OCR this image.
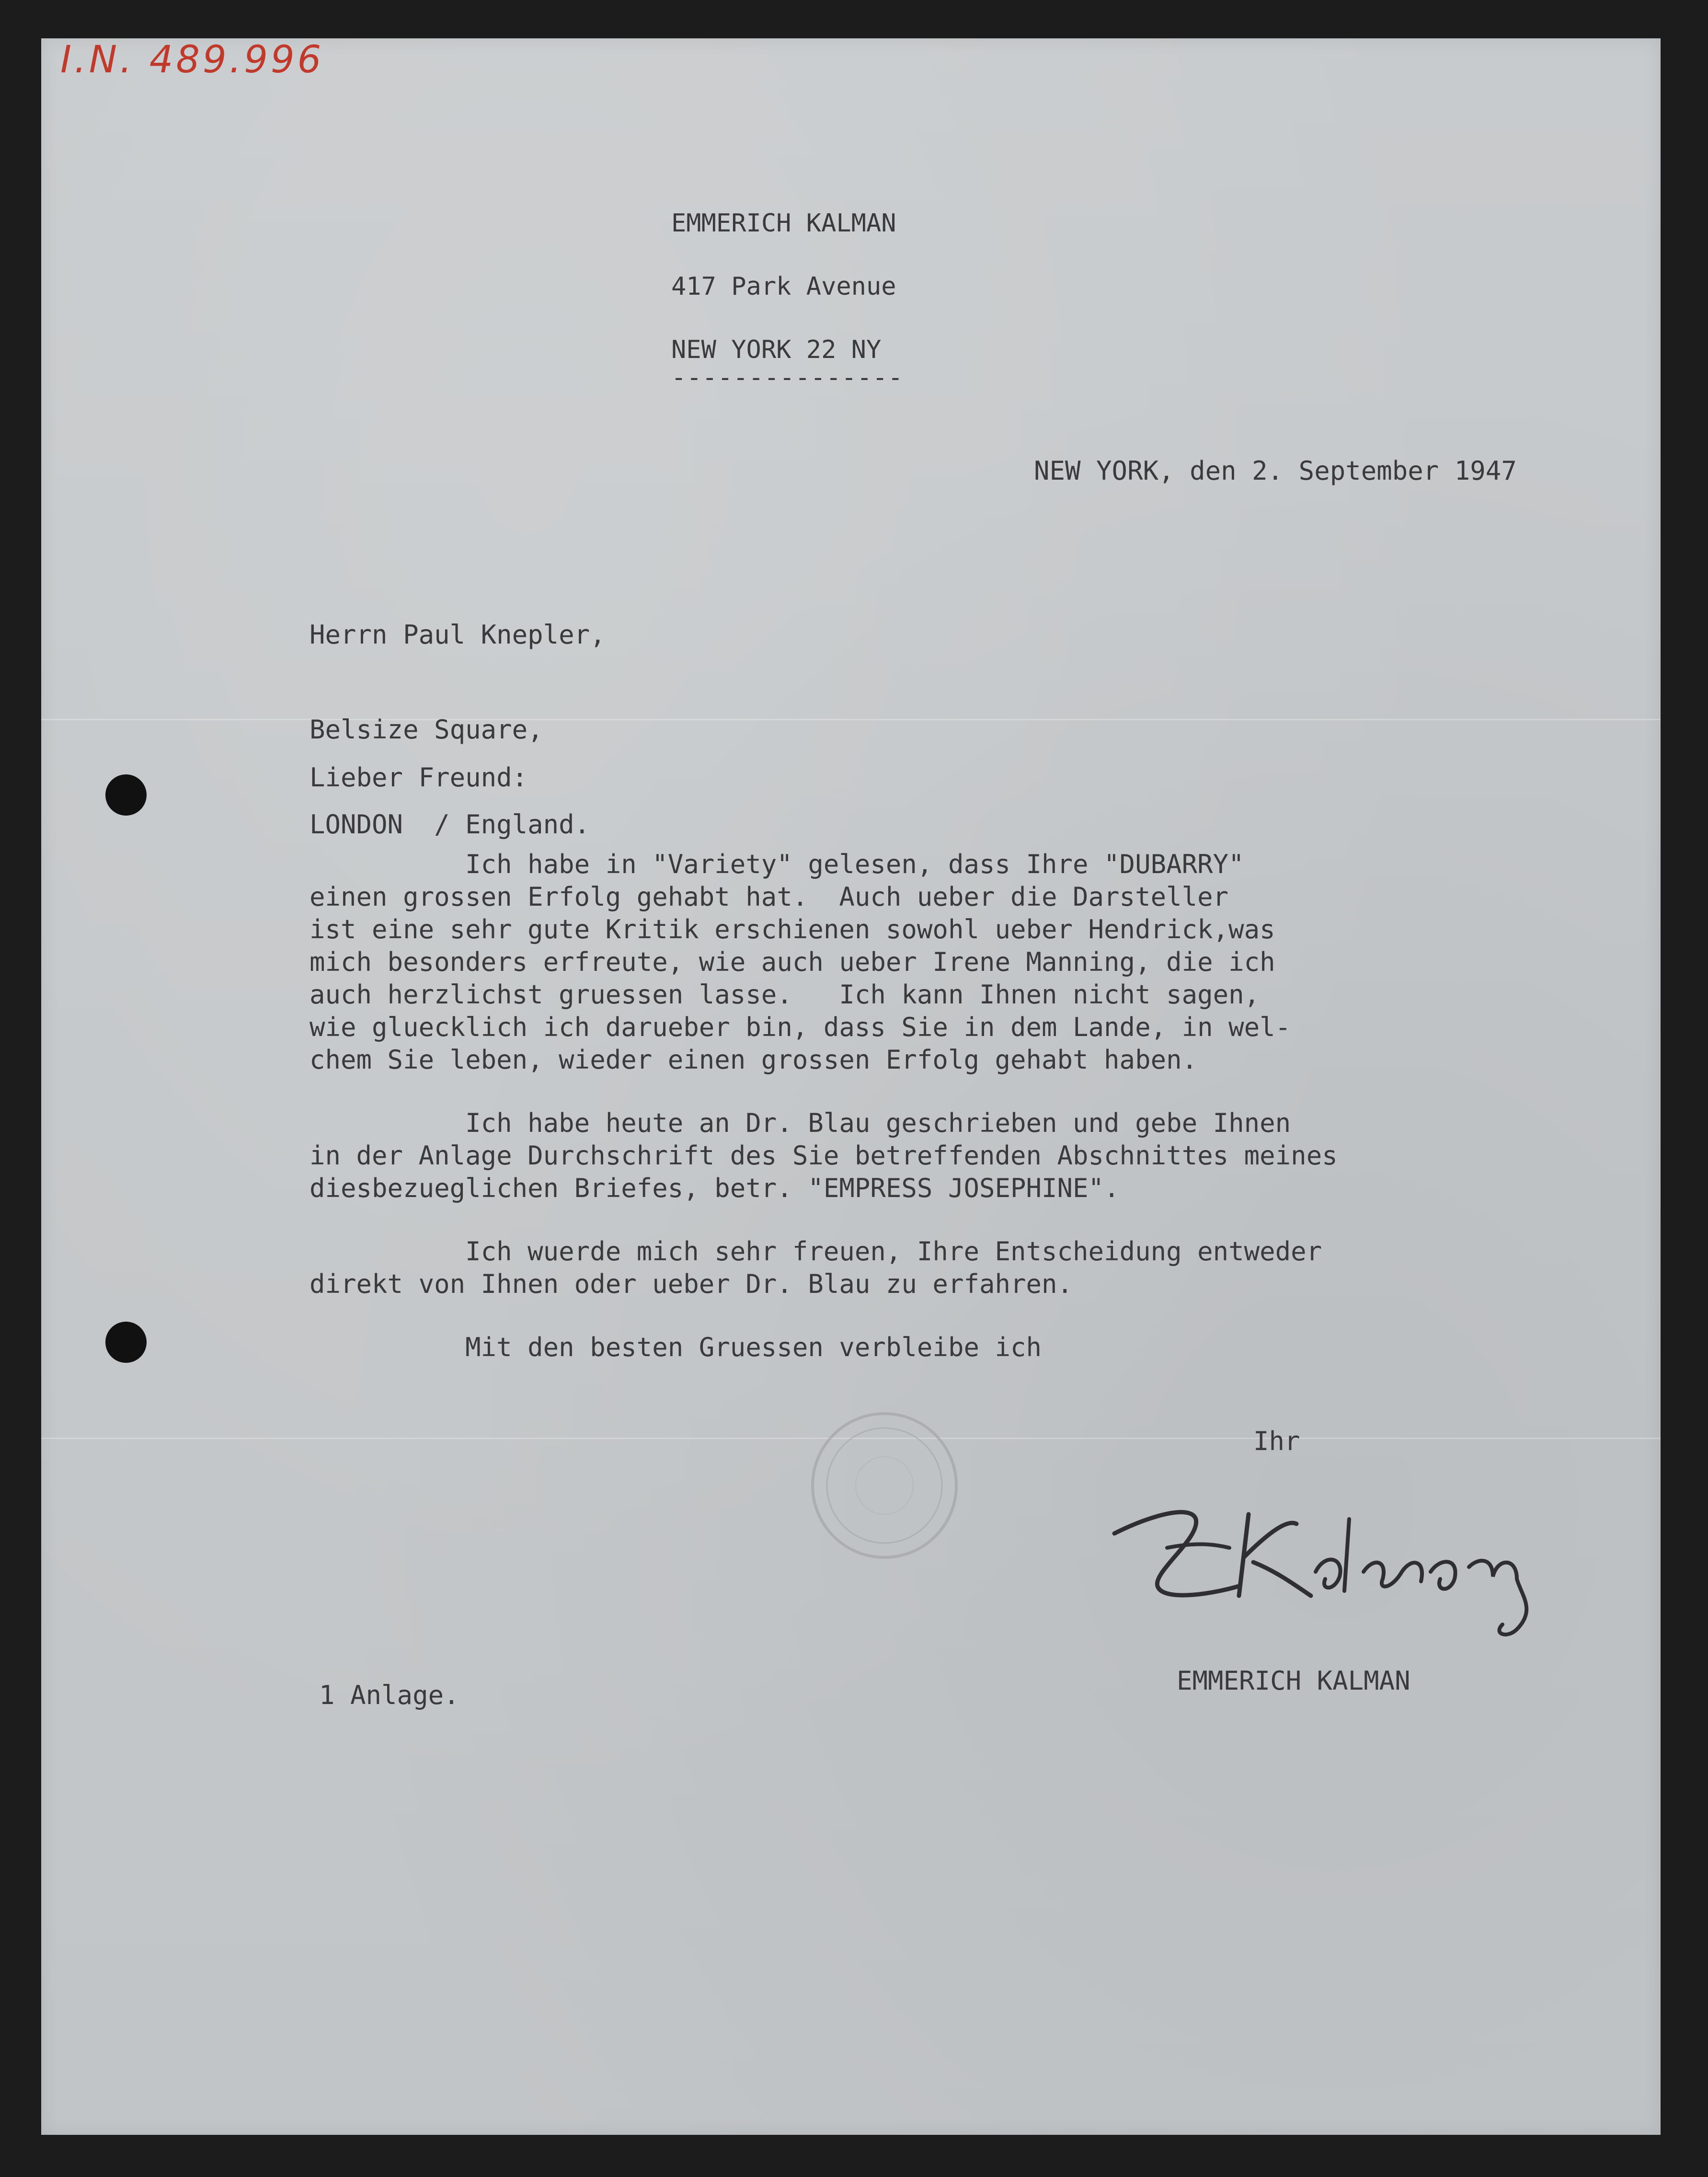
I.N. 489.996
EMMERICH KALMAN
417 Park Avenue
NEW YORK 22 NY
---------------
NEW YORK, den 2. September 1947

Herrn Paul Knepler,

Belsize Square,

LONDON  / England.

Lieber Freund:
Ich habe in "Variety" gelesen, dass Ihre "DUBARRY"
einen grossen Erfolg gehabt hat.  Auch ueber die Darsteller
ist eine sehr gute Kritik erschienen sowohl ueber Hendrick,was
mich besonders erfreute, wie auch ueber Irene Manning, die ich
auch herzlichst gruessen lasse.   Ich kann Ihnen nicht sagen,
wie gluecklich ich darueber bin, dass Sie in dem Lande, in wel-
chem Sie leben, wieder einen grossen Erfolg gehabt haben.
Ich habe heute an Dr. Blau geschrieben und gebe Ihnen
in der Anlage Durchschrift des Sie betreffenden Abschnittes meines
diesbezueglichen Briefes, betr. "EMPRESS JOSEPHINE".
Ich wuerde mich sehr freuen, Ihre Entscheidung entweder
direkt von Ihnen oder ueber Dr. Blau zu erfahren.
Mit den besten Gruessen verbleibe ich
Ihr
EMMERICH KALMAN
1 Anlage.
